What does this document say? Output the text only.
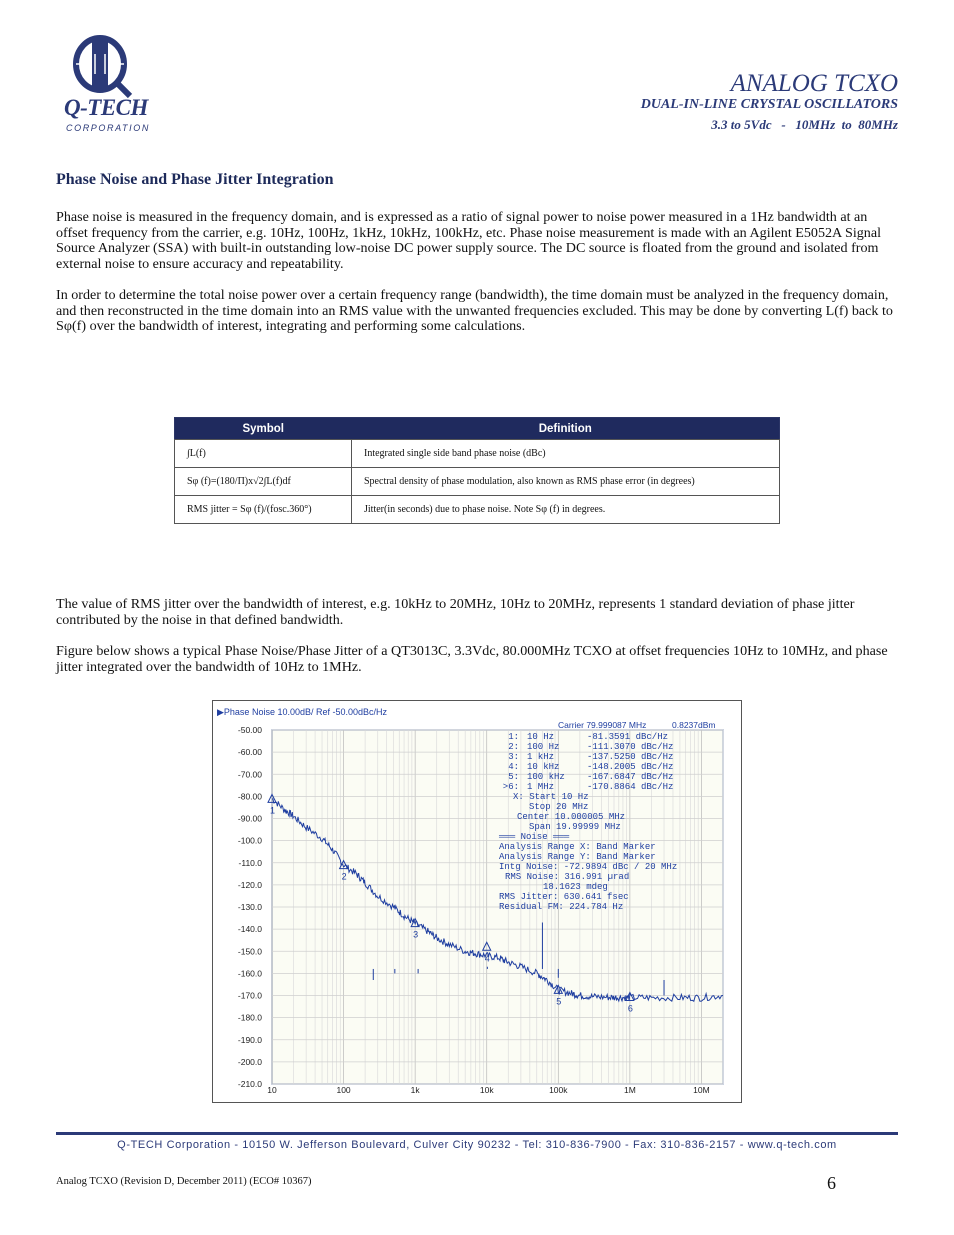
Q-TECH
CORPORATION
ANALOG TCXO
DUAL-IN-LINE CRYSTAL OSCILLATORS
3.3 to 5Vdc   -   10MHz  to  80MHz
Phase Noise and Phase Jitter Integration
Phase noise is measured in the frequency domain, and is expressed as a ratio of signal power to noise power measured in a 1Hz bandwidth at an offset frequency from the carrier, e.g. 10Hz, 100Hz, 1kHz, 10kHz, 100kHz, etc. Phase noise measurement is made with an Agilent E5052A Signal Source Analyzer (SSA) with built-in outstanding low-noise DC power supply source. The DC source is floated from the ground and isolated from external noise to ensure accuracy and repeatability.
In order to determine the total noise power over a certain frequency range (bandwidth), the time domain must be analyzed in the frequency domain, and then reconstructed in the time domain into an RMS value with the unwanted frequencies excluded. This may be done by converting L(f) back to Sφ(f) over the bandwidth of interest, integrating and performing some calculations.
Symbol	Definition
∫L(f)	Integrated single side band phase noise (dBc)
Sφ (f)=(180/Π)x√2∫L(f)df	Spectral density of phase modulation, also known as RMS phase error (in degrees)
RMS jitter = Sφ (f)/(fosc.360°)	Jitter(in seconds) due to phase noise. Note Sφ (f) in degrees.
The value of RMS jitter over the bandwidth of interest, e.g. 10kHz to 20MHz, 10Hz to 20MHz, represents 1 standard deviation of phase jitter contributed by the noise in that defined bandwidth.
Figure below shows a typical Phase Noise/Phase Jitter of a QT3013C, 3.3Vdc, 80.000MHz TCXO at offset frequencies 10Hz to 10MHz, and phase jitter integrated over the bandwidth of 10Hz to 1MHz.
-50.00
-60.00
-70.00
-80.00
-90.00
-100.0
-110.0
-120.0
-130.0
-140.0
-150.0
-160.0
-170.0
-180.0
-190.0
-200.0
-210.0
10	100	1k	10k	100k	1M	10M
▶Phase Noise 10.00dB/ Ref -50.00dBc/Hz
Carrier 79.999087 MHz	0.8237dBm
1
2
3
4
5
6
1: 10 Hz	-81.3591 dBc/Hz
2: 100 Hz	-111.3070 dBc/Hz
3: 1 kHz	-137.5250 dBc/Hz
4: 10 kHz	-148.2005 dBc/Hz
5: 100 kHz -167.6847 dBc/Hz
>6: 1 MHz	-170.8864 dBc/Hz
X: Start 10 Hz
Stop 20 MHz
Center 10.000005 MHz
Span 19.99999 MHz
═══ Noise ═══
Analysis Range X: Band Marker
Analysis Range Y: Band Marker
Intg Noise: -72.9894 dBc / 20 MHz
RMS Noise: 316.991 µrad
18.1623 mdeg
RMS Jitter: 630.641 fsec
Residual FM: 224.784 Hz
Q-TECH Corporation - 10150 W. Jefferson Boulevard, Culver City 90232 - Tel: 310-836-7900 - Fax: 310-836-2157 - www.q-tech.com
Analog TCXO (Revision D, December 2011) (ECO# 10367)	6
